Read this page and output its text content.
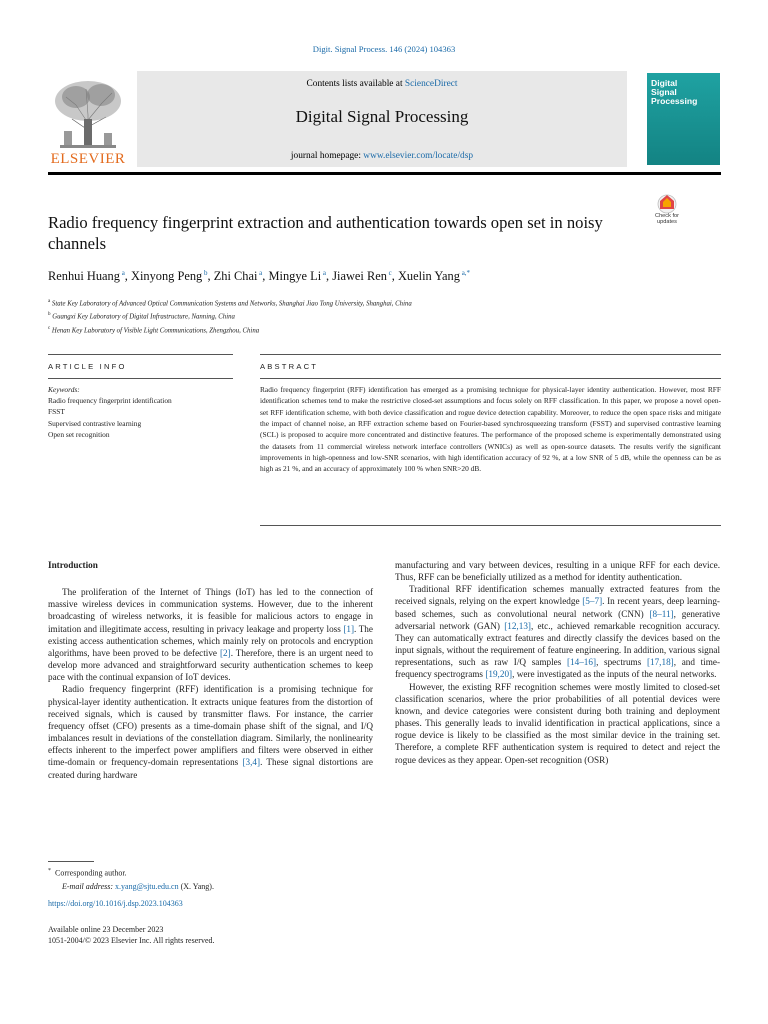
Digit. Signal Process. 146 (2024) 104363
ELSEVIER
Contents lists available at ScienceDirect
Digital Signal Processing
journal homepage: www.elsevier.com/locate/dsp
Digital
Signal
Processing
Radio frequency fingerprint extraction and authentication towards open set in noisy channels
Check for
updates
Renhui Huang $^a$, Xinyong Peng $^b$, Zhi Chai $^a$, Mingye Li $^a$, Jiawei Ren $^c$, Xuelin Yang $^{a,*}$
$^a$ State Key Laboratory of Advanced Optical Communication Systems and Networks, Shanghai Jiao Tong University, Shanghai, China
$^b$ Guangxi Key Laboratory of Digital Infrastructure, Nanning, China
$^c$ Henan Key Laboratory of Visible Light Communications, Zhengzhou, China
ARTICLE INFO	ABSTRACT
Keywords:
Radio frequency fingerprint identification
FSST
Supervised contrastive learning
Open set recognition
Radio frequency fingerprint (RFF) identification has emerged as a promising technique for physical-layer identity authentication. However, most RFF identification schemes tend to make the restrictive closed-set assumptions and focus solely on RFF classification. In this paper, we propose a novel open-set RFF identification scheme, with both device classification and rogue device detection capability. Moreover, to reduce the open space risks and mitigate the impact of channel noise, an RFF extraction scheme based on Fourier-based synchrosqueezing transform (FSST) and supervised contrastive learning (SCL) is proposed to acquire more concentrated and distinctive features. The performance of the proposed scheme is experimentally demonstrated using the datasets from 11 commercial wireless network interface controllers (WNICs) as well as open-source datasets. The results verify the significant improvements in high-openness and low-SNR scenarios, with high identification accuracy of 92 %, at a low SNR of 5 dB, while the openness can be as high as 21 %, and an accuracy of approximately 100 % when SNR>20 dB.
Introduction

The proliferation of the Internet of Things (IoT) has led to the connection of massive wireless devices in communication systems. However, due to the inherent broadcasting of wireless networks, it is feasible for malicious actors to engage in imitation and illegitimate access, resulting in privacy leakage and property loss [1]. The existing access authentication schemes, which mainly rely on protocols and encryption algorithms, have been proved to be defective [2]. Therefore, there is an urgent need to develop more advanced and straightforward security authentication schemes to keep pace with the continual expansion of IoT devices.

Radio frequency fingerprint (RFF) identification is a promising technique for physical-layer identity authentication. It extracts unique features from the distortion of received signals, which is caused by transmitter flaws. For instance, the carrier frequency offset (CFO) presents as a time-domain phase shift of the signal, and I/Q imbalances result in deviations of the constellation diagram. Similarly, the nonlinearity effects inherent to the imperfect power amplifiers and filters were observed in either time-domain or frequency-domain representations [3,4]. These signal distortions are created during hardware

manufacturing and vary between devices, resulting in a unique RFF for each device. Thus, RFF can be beneficially utilized as a method for identity authentication.

Traditional RFF identification schemes manually extracted features from the received signals, relying on the expert knowledge [5–7]. In recent years, deep learning-based schemes, such as convolutional neural network (CNN) [8–11], generative adversarial network (GAN) [12,13], etc., achieved remarkable recognition accuracy. They can automatically extract features and directly classify the devices based on the input signals, without the requirement of feature engineering. In addition, various signal representations, such as raw I/Q samples [14–16], spectrums [17,18], and time-frequency spectrograms [19,20], were investigated as the inputs of the neural networks.

However, the existing RFF recognition schemes were mostly limited to closed-set classification scenarios, where the prior probabilities of all potential devices were known, and device categories were consistent during both training and deployment phases. This generally leads to invalid identification in practical applications, since a rogue device is likely to be classified as the most similar device in the training set. Therefore, a complete RFF authentication system is required to detect and reject the rogue devices as they appear. Open-set recognition (OSR)

* Corresponding author.
E-mail address: x.yang@sjtu.edu.cn (X. Yang).
https://doi.org/10.1016/j.dsp.2023.104363
Available online 23 December 2023
1051-2004/© 2023 Elsevier Inc. All rights reserved.
